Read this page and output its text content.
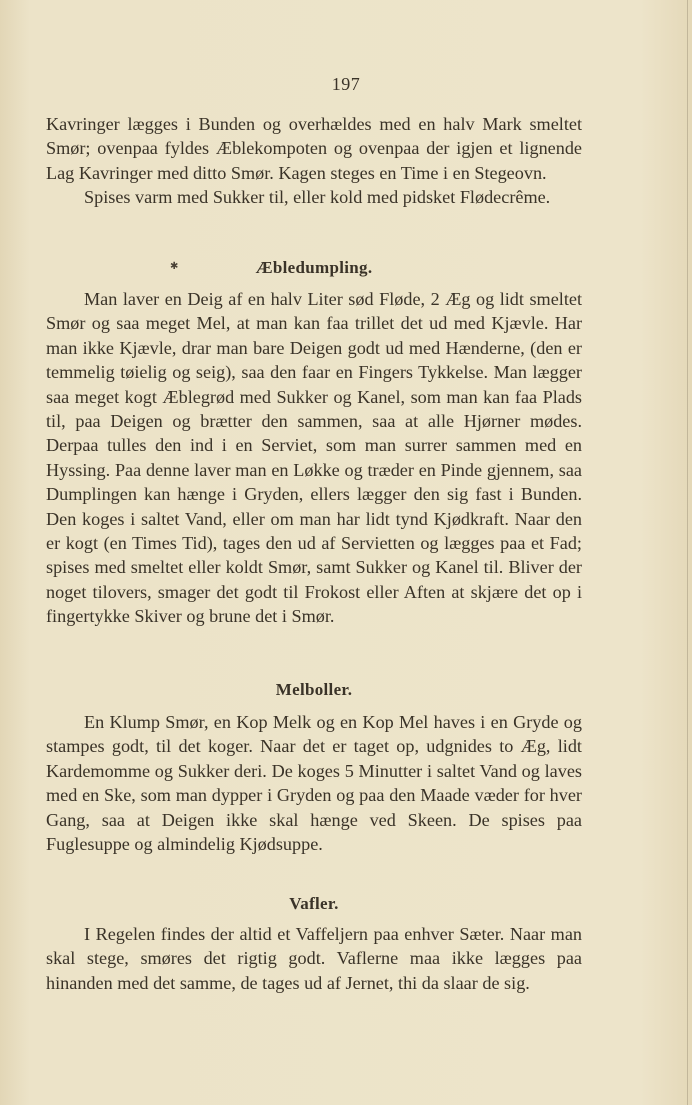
197

Kavringer lægges i Bunden og overhældes med en halv Mark smeltet Smør; ovenpaa fyldes Æblekompoten og ovenpaa der igjen et lignende Lag Kavringer med ditto Smør. Kagen steges en Time i en Stegeovn.

Spises varm med Sukker til, eller kold med pidsket Flødecrême.

✱	Æbledumpling.

Man laver en Deig af en halv Liter sød Fløde, 2 Æg og lidt smeltet Smør og saa meget Mel, at man kan faa trillet det ud med Kjævle. Har man ikke Kjævle, drar man bare Deigen godt ud med Hænderne, (den er temmelig tøielig og seig), saa den faar en Fingers Tykkelse. Man lægger saa meget kogt Æblegrød med Sukker og Kanel, som man kan faa Plads til, paa Deigen og brætter den sammen, saa at alle Hjørner mødes. Derpaa tulles den ind i en Serviet, som man surrer sammen med en Hyssing. Paa denne laver man en Løkke og træder en Pinde gjennem, saa Dumplingen kan hænge i Gryden, ellers lægger den sig fast i Bunden. Den koges i saltet Vand, eller om man har lidt tynd Kjødkraft. Naar den er kogt (en Times Tid), tages den ud af Servietten og lægges paa et Fad; spises med smeltet eller koldt Smør, samt Sukker og Kanel til. Bliver der noget tilovers, smager det godt til Frokost eller Aften at skjære det op i fingertykke Skiver og brune det i Smør.

Melboller.

En Klump Smør, en Kop Melk og en Kop Mel haves i en Gryde og stampes godt, til det koger. Naar det er taget op, udgnides to Æg, lidt Kardemomme og Sukker deri. De koges 5 Minutter i saltet Vand og laves med en Ske, som man dypper i Gryden og paa den Maade væder for hver Gang, saa at Deigen ikke skal hænge ved Skeen. De spises paa Fuglesuppe og almindelig Kjødsuppe.

Vafler.

I Regelen findes der altid et Vaffeljern paa enhver Sæter. Naar man skal stege, smøres det rigtig godt. Vaflerne maa ikke lægges paa hinanden med det samme, de tages ud af Jernet, thi da slaar de sig.
